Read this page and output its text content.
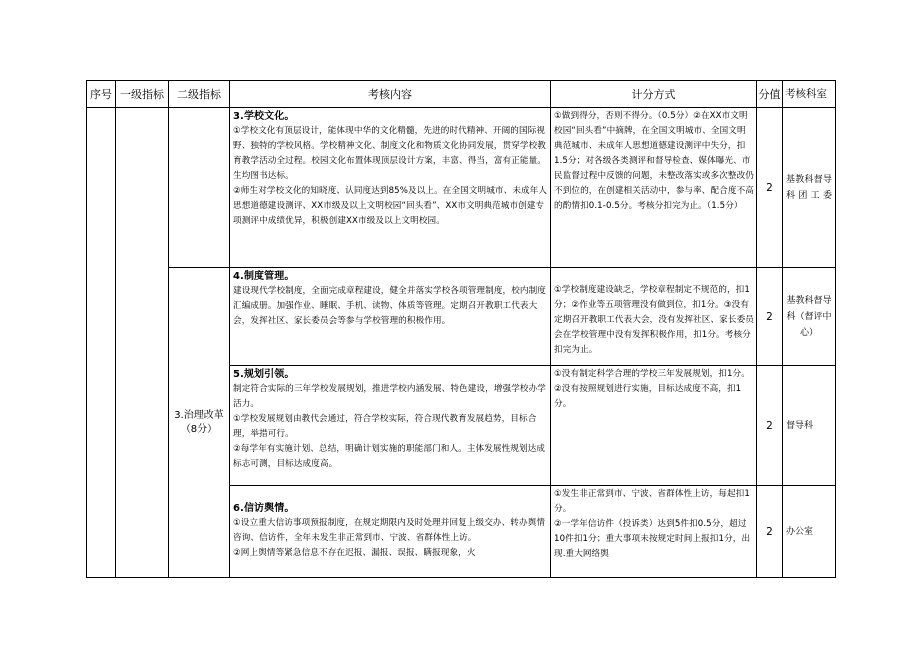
序号	一级指标	二级指标	考核内容	计分方式	分值	考核科室

			3.学校文化。
①学校文化有顶层设计，能体现中华的文化精髓，先进的时代精神、开阔的国际视野、独特的学校风格。学校精神文化、制度文化和物质文化协同发展，贯穿学校教育教学活动全过程。校园文化布置体现顶层设计方案，丰富、得当，富有正能量。生均图书达标。
②师生对学校文化的知晓度、认同度达到85%及以上。在全国文明城市、未成年人思想道德建设测评、XX市级及以上文明校园“回头看”、XX市文明典范城市创建专项测评中成绩优异，积极创建XX市级及以上文明校园。	①做到得分，否则不得分。（0.5分）②在XX市文明校园“回头看”中摘牌，在全国文明城市、全国文明典范城市、未成年人思想道德建设测评中失分，扣1.5分；对各级各类测评和督导检查、媒体曝光、市民监督过程中反馈的问题，未整改落实或多次整改仍不到位的，在创建相关活动中，参与率、配合度不高的酌情扣0.1-0.5分。考核分扣完为止。（1.5分）	2	基教科督导科团工委

		3.治理改革
（8分）	4.制度管理。
建设现代学校制度，全面完成章程建设，健全并落实学校各项管理制度，校内制度汇编成册。加强作业、睡眠、手机、读物、体质等管理。定期召开教职工代表大会，发挥社区、家长委员会等参与学校管理的积极作用。	①学校制度建设缺乏，学校章程制定不规范的，扣1分；②作业等五项管理没有做到位，扣1分。③没有定期召开教职工代表大会，没有发挥社区、家长委员会在学校管理中没有发挥积极作用，扣1分。考核分扣完为止。	2	基教科督导科（督评中心）

			5.规划引领。
制定符合实际的三年学校发展规划，推进学校内涵发展、特色建设，增强学校办学活力。
①学校发展规划由教代会通过，符合学校实际，符合现代教育发展趋势，目标合理，举措可行。
②每学年有实施计划、总结，明确计划实施的职能部门和人。主体发展性规划达成标志可测，目标达成度高。	①没有制定科学合理的学校三年发展规划，扣1分。
②没有按照规划进行实施，目标达成度不高，扣1分。	2	督导科

			6.信访舆情。
①设立重大信访事项预报制度，在规定期限内及时处理并回复上级交办、转办舆情咨询、信访件，全年未发生非正常到市、宁波、省群体性上访。
②网上舆情等紧急信息不存在迟报、漏报、误报、瞒报现象，火	①发生非正常到市、宁波、省群体性上访，每起扣1分。
②一学年信访件（投诉类）达到5件扣0.5分，超过10件扣1分；重大事项未按规定时间上报扣1分，出现.重大网络舆	2	办公室
